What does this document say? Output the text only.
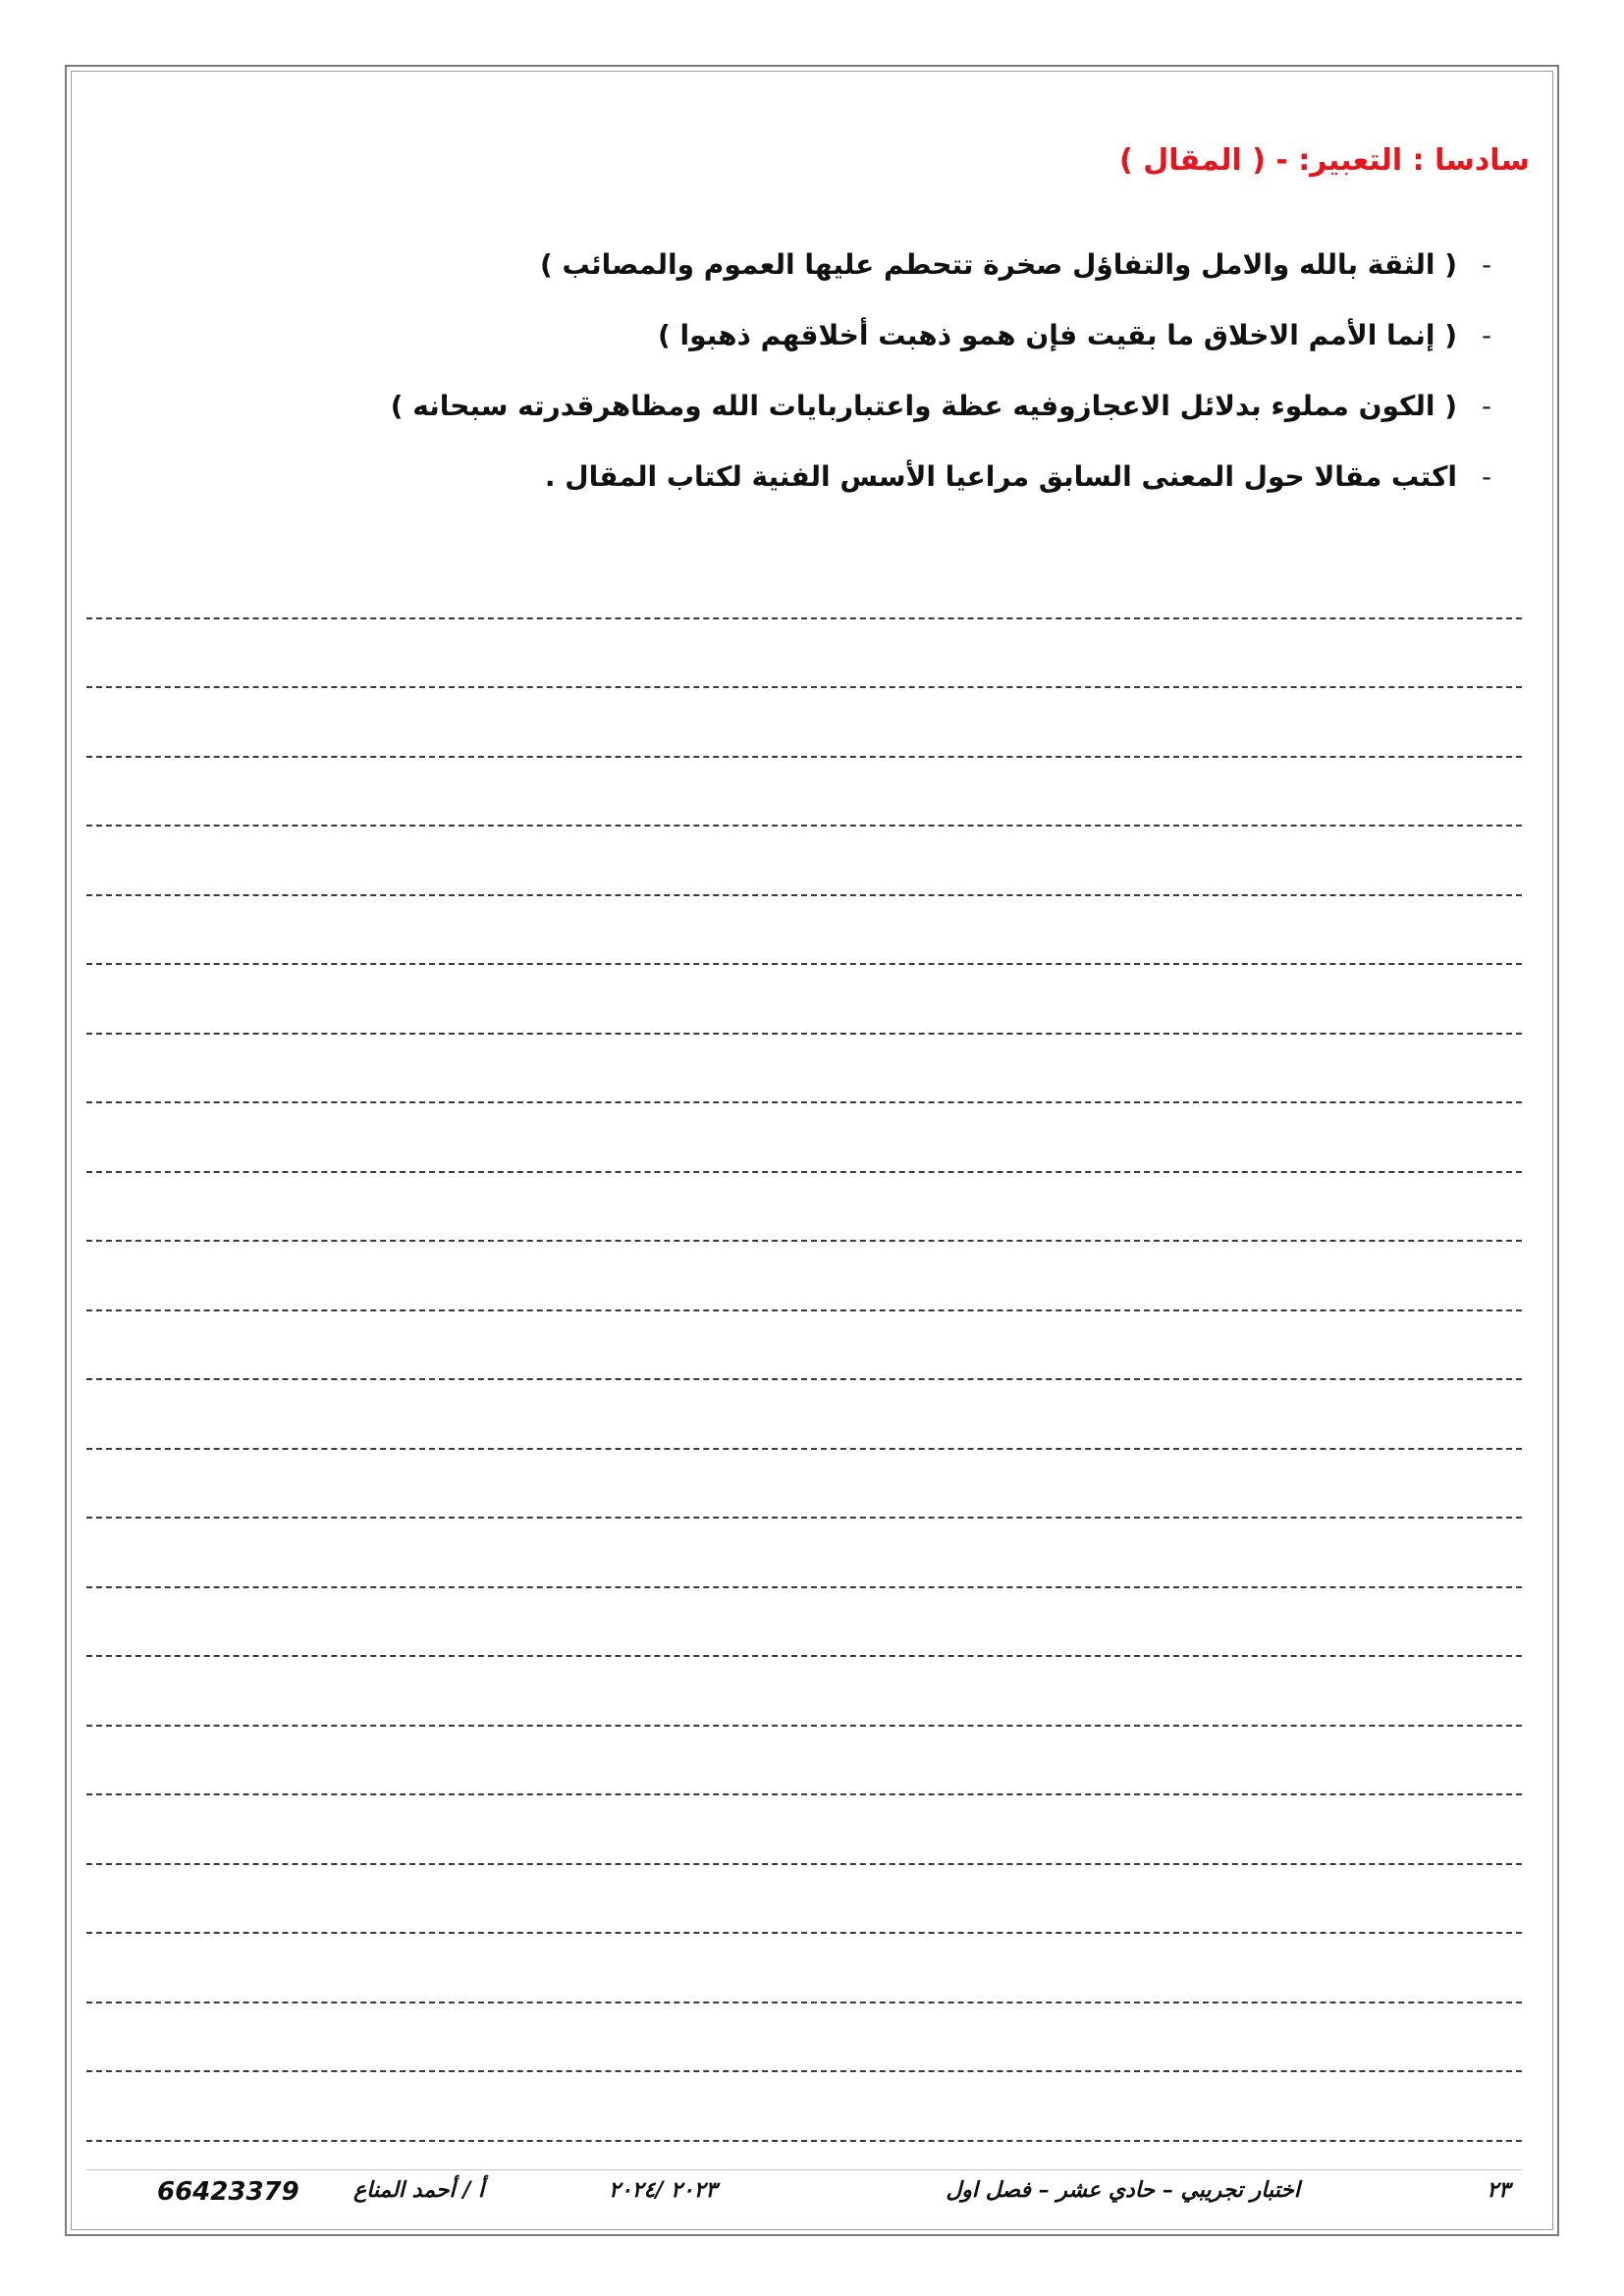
سادسا : التعبير: - ( المقال )
-( الثقة بالله والامل والتفاؤل صخرة تتحطم عليها العموم والمصائب )
-( إنما الأمم الاخلاق ما بقيت فإن همو ذهبت أخلاقهم ذهبوا )
-( الكون مملوء بدلائل الاعجازوفيه عظة واعتباربايات الله ومظاهرقدرته سبحانه )
-اكتب مقالا حول المعنى السابق مراعيا الأسس الفنية لكتاب المقال .
٢٣
اختبار تجريبي – حادي عشر – فصل اول
٢٠٢٣ /٢٠٢٤
أ / أحمد المناع
66423379
